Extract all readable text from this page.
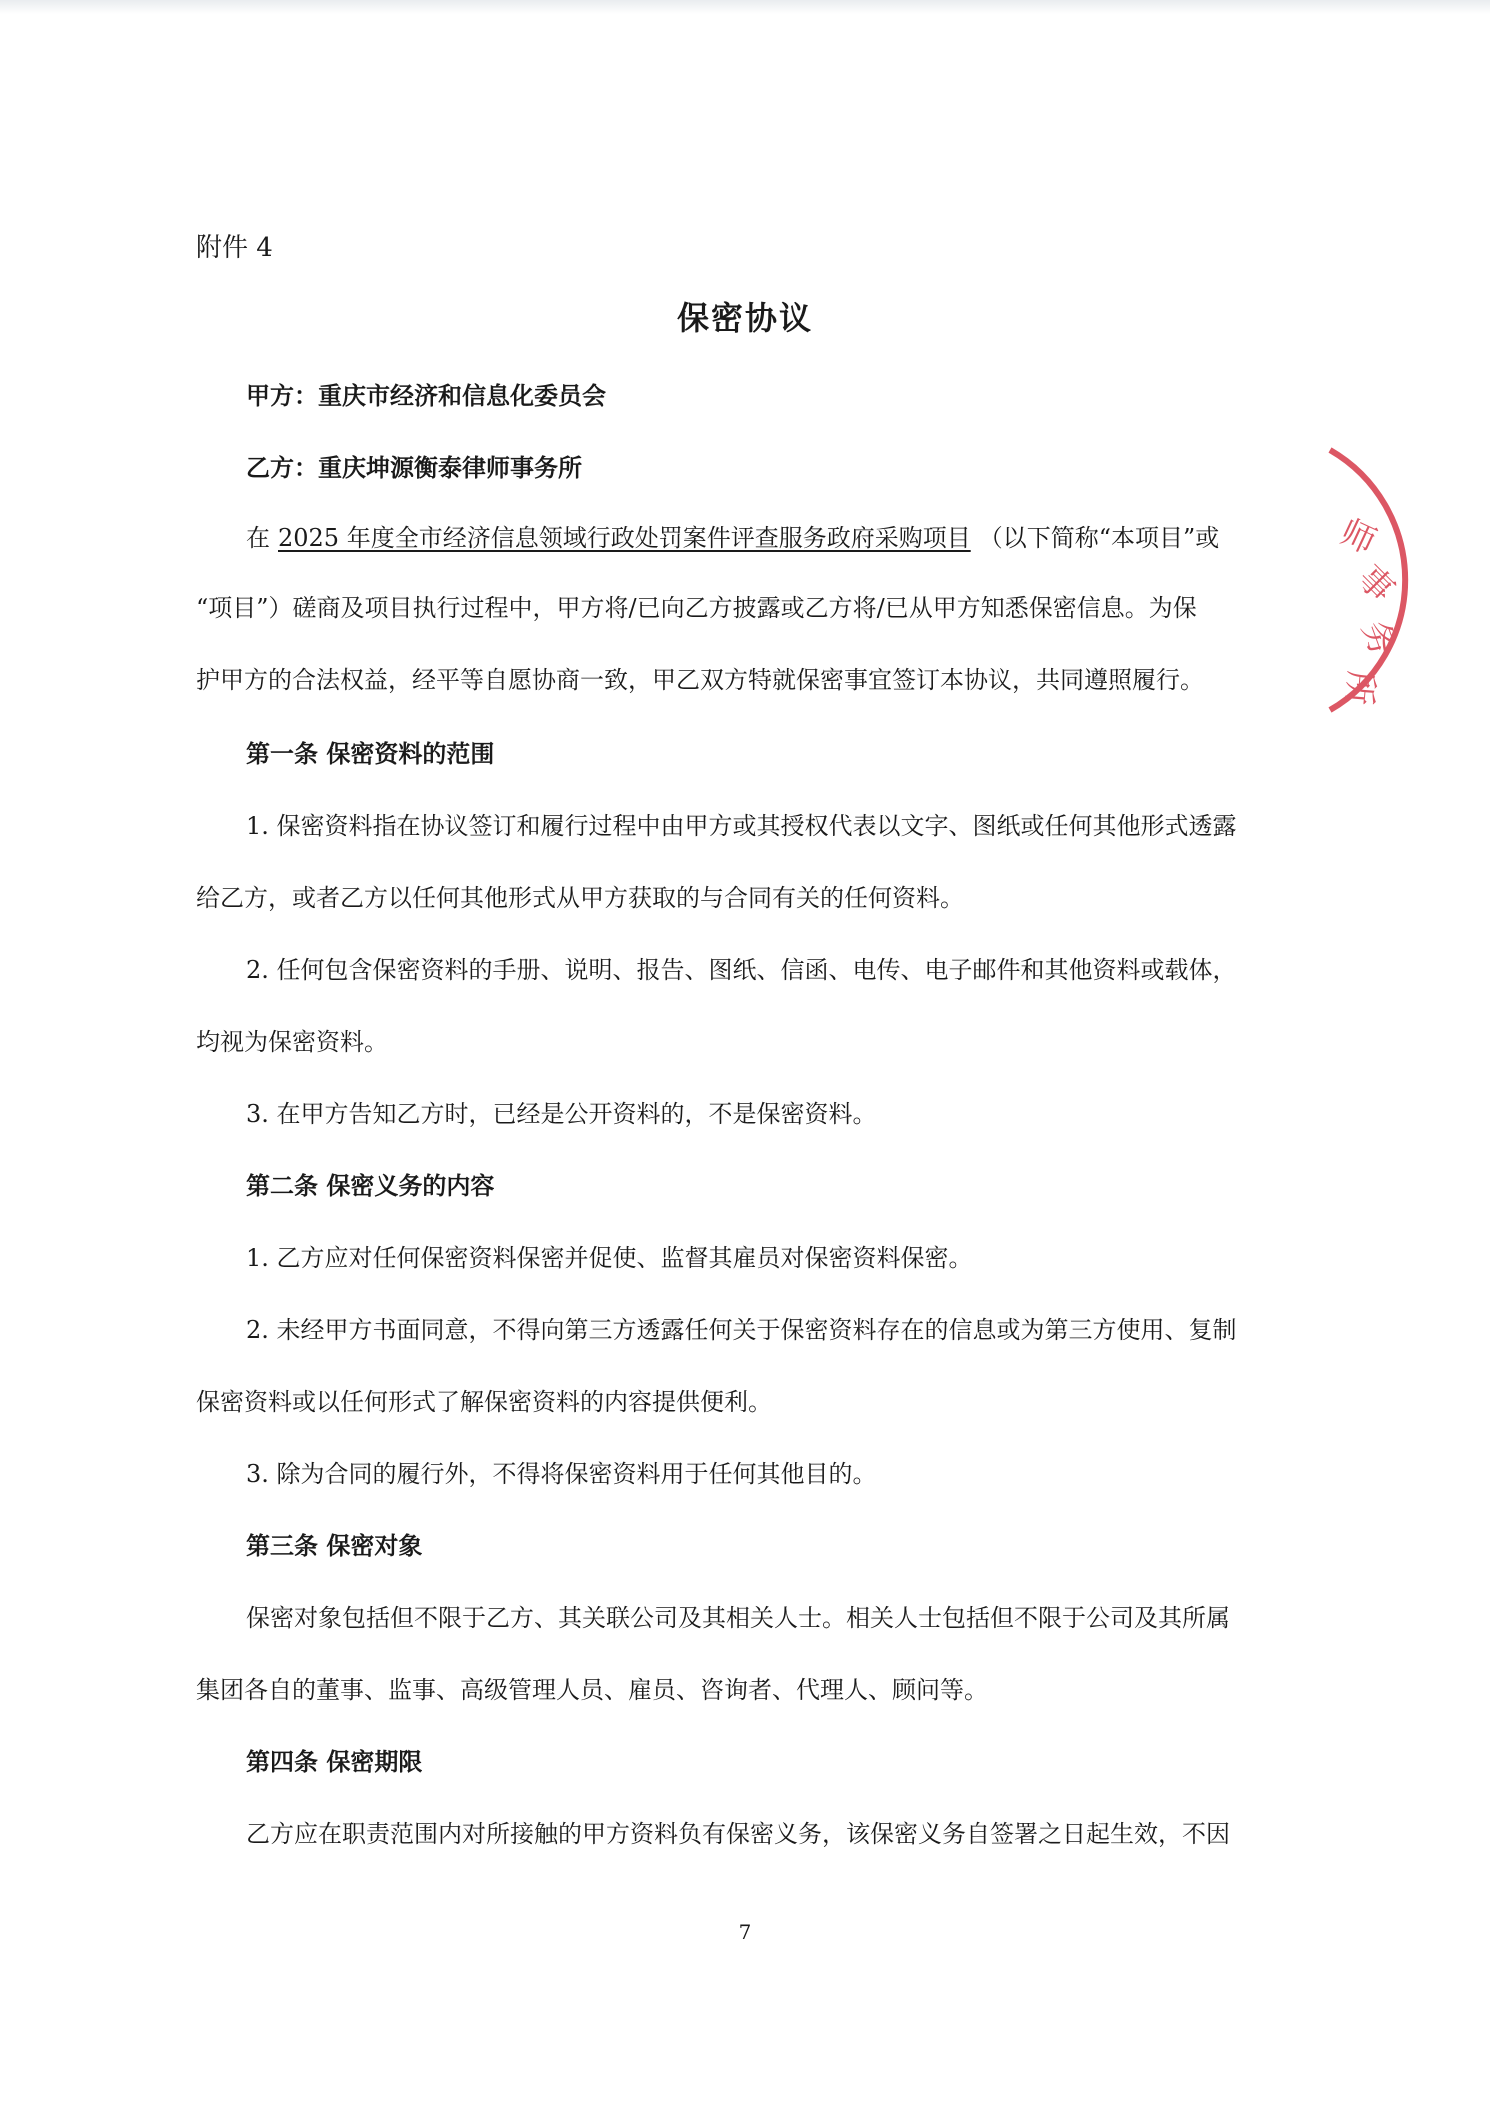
附件 4
保密协议
甲方：重庆市经济和信息化委员会
乙方：重庆坤源衡泰律师事务所
在 2025 年度全市经济信息领域行政处罚案件评查服务政府采购项目 （以下简称“本项目”或
“项目”）磋商及项目执行过程中，甲方将/已向乙方披露或乙方将/已从甲方知悉保密信息。为保
护甲方的合法权益，经平等自愿协商一致，甲乙双方特就保密事宜签订本协议，共同遵照履行。
第一条 保密资料的范围
1. 保密资料指在协议签订和履行过程中由甲方或其授权代表以文字、图纸或任何其他形式透露
给乙方，或者乙方以任何其他形式从甲方获取的与合同有关的任何资料。
2. 任何包含保密资料的手册、说明、报告、图纸、信函、电传、电子邮件和其他资料或载体，
均视为保密资料。
3. 在甲方告知乙方时，已经是公开资料的，不是保密资料。
第二条 保密义务的内容
1. 乙方应对任何保密资料保密并促使、监督其雇员对保密资料保密。
2. 未经甲方书面同意，不得向第三方透露任何关于保密资料存在的信息或为第三方使用、复制
保密资料或以任何形式了解保密资料的内容提供便利。
3. 除为合同的履行外，不得将保密资料用于任何其他目的。
第三条 保密对象
保密对象包括但不限于乙方、其关联公司及其相关人士。相关人士包括但不限于公司及其所属
集团各自的董事、监事、高级管理人员、雇员、咨询者、代理人、顾问等。
第四条 保密期限
乙方应在职责范围内对所接触的甲方资料负有保密义务，该保密义务自签署之日起生效，不因
7
师
事
务
所
